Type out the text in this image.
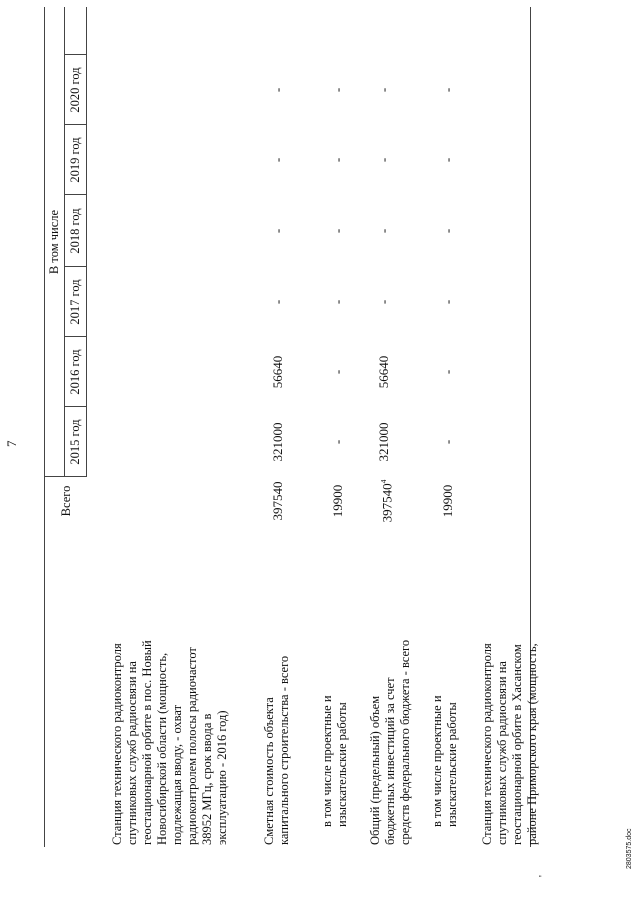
7
Всего
В том числе
2015 год
2016 год
2017 год
2018 год
2019 год
2020 год
Станция технического радиоконтроля спутниковых служб радиосвязи на геостационарной орбите в пос. Новый Новосибирской области (мощность, подлежащая вводу, - охват радиоконтролем полосы радиочастот 38952 МГц, срок ввода в эксплуатацию - 2016 год)	Сметная стоимость объекта капитального строительства - всего
397540
321000
56640
-
-
-
-
в том числе проектные и изыскательские работы
19900
-
-
-
-
-
-
Общий (предельный) объем бюджетных инвестиций за счет средств федерального бюджета - всего
397540$^4$
321000
56640
-
-
-
-
в том числе проектные и изыскательские работы
19900
-
-
-
-
-
-
Станция технического радиоконтроля спутниковых служб радиосвязи на геостационарной орбите в Хасанском районе Приморского края (мощность,
'
2803575.doc
